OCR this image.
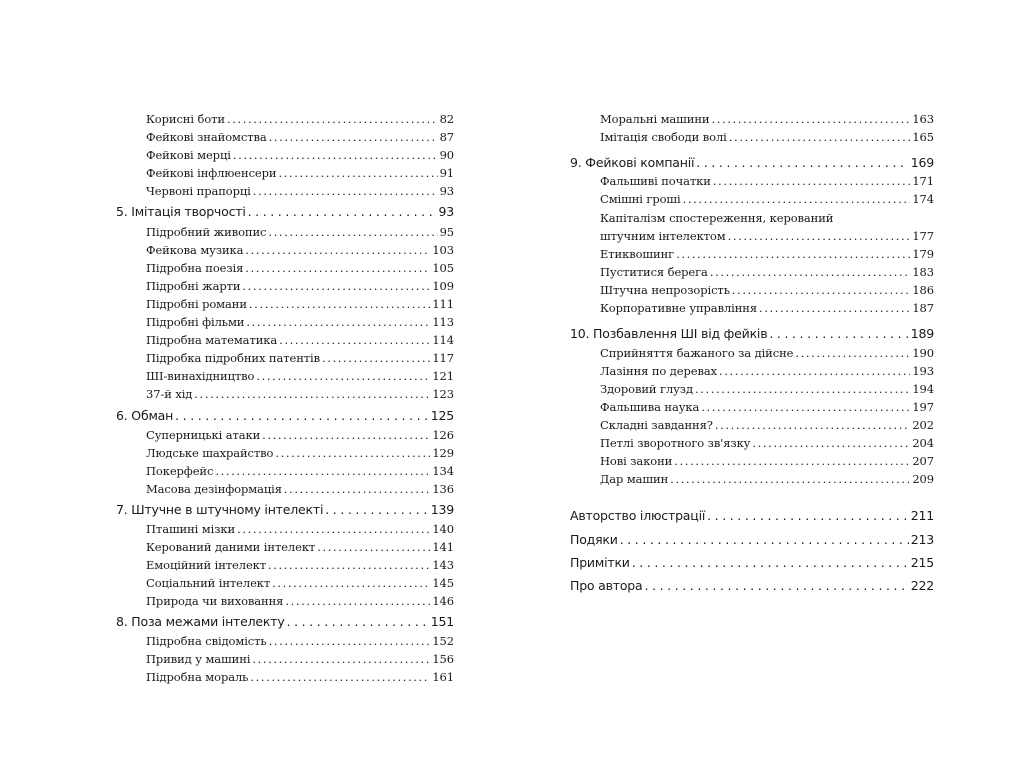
Корисні боти .....	82
Фейкові знайомства .....	87
Фейкові мерці .....	90
Фейкові інфлюенсери .....	91
Червоні прапорці .....	93
5. Імітація творчості . . .	93
Підробний живопис .....	95
Фейкова музика .....	103
Підробна поезія .....	105
Підробні жарти .....	109
Підробні романи .....	111
Підробні фільми .....	113
Підробна математика .....	114
Підробка підробних патентів .....	117
ШІ-винахідництво .....	121
37-й хід .....	123
6. Обман . . .	125
Суперницькі атаки .....	126
Людське шахрайство .....	129
Покерфейс .....	134
Масова дезінформація .....	136
7. Штучне в штучному інтелекті . . .	139
Пташині мізки .....	140
Керований даними інтелект .....	141
Емоційний інтелект .....	143
Соціальний інтелект .....	145
Природа чи виховання .....	146
8. Поза межами інтелекту . . .	151
Підробна свідомість .....	152
Привид у машині .....	156
Підробна мораль .....	161
Моральні машини .....	163
Імітація свободи волі .....	165
9. Фейкові компанії . . .	169
Фальшиві початки .....	171
Смішні гроші .....	174
Капіталізм спостереження, керований
штучним інтелектом .....	177
Етиквошинг .....	179
Пуститися берега .....	183
Штучна непрозорість .....	186
Корпоративне управління .....	187
10. Позбавлення ШІ від фейків . . .	189
Сприйняття бажаного за дійсне .....	190
Лазіння по деревах .....	193
Здоровий глузд .....	194
Фальшива наука .....	197
Складні завдання? .....	202
Петлі зворотного зв'язку .....	204
Нові закони .....	207
Дар машин .....	209
Авторство ілюстрації . . .	211
Подяки . . .	213
Примітки . . .	215
Про автора . . .	222
